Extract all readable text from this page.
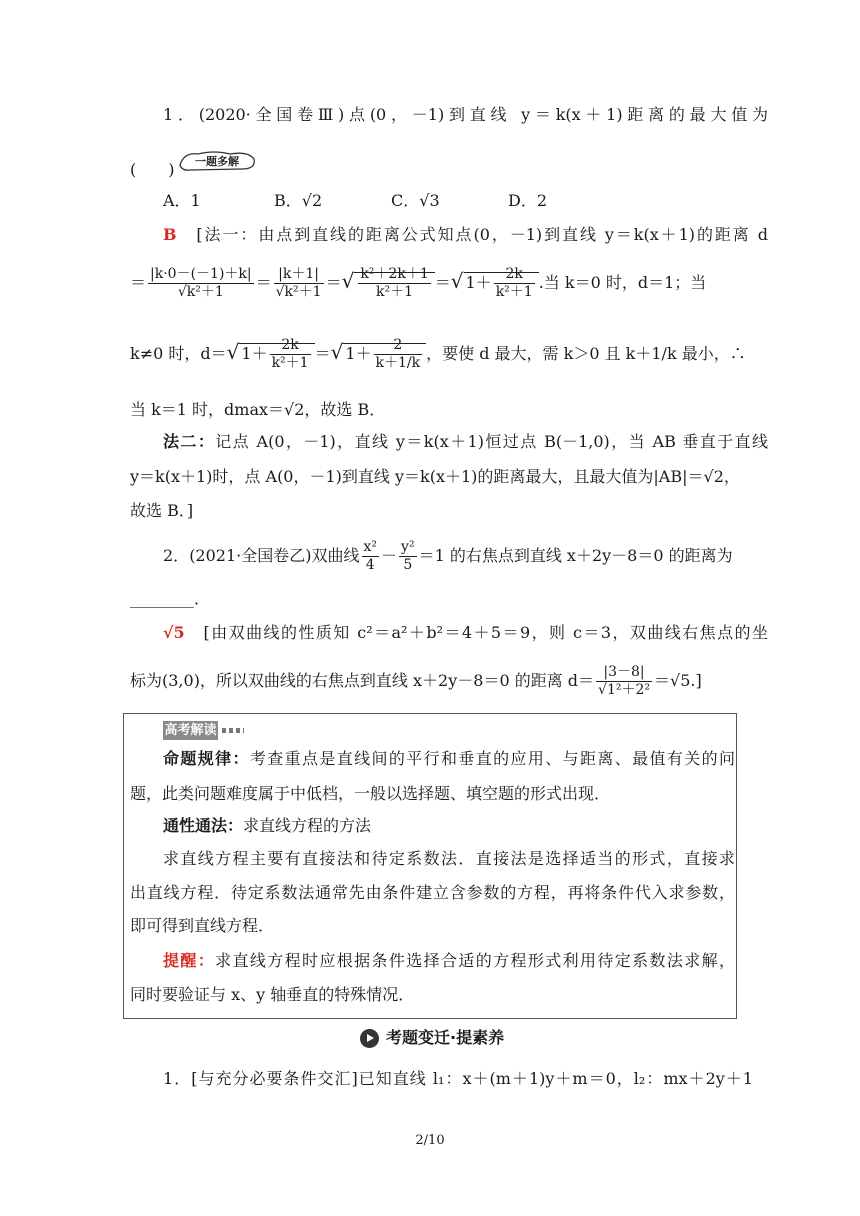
1．(2020·全国卷Ⅲ)点(0，－1)到直线 y＝k(x＋1)距离的最大值为
(　　)	一题多解
A．1	B．√2	C．√3	D．2
B　 [法一：由点到直线的距离公式知点(0，－1)到直线 y＝k(x＋1)的距离 d
＝ $\frac{|k\cdot 0-(-1)+k|}{\text{√k²＋1}} = \frac{|k+1|}{\text{√k²＋1}}$ ＝√ $\frac{\text{k²＋2k＋1}}{\text{k²＋1}}$ ＝√ $1+ \frac{2k}{\text{k²＋1}}$ .当 k＝0 时，d＝1；当
k≠0 时，d＝√ $1+ \frac{2k}{\text{k²＋1}}$ ＝√ $1+ \frac{2}{k+1/k}$ ，要使 d 最大，需 k＞0 且 k＋1/k 最小，∴
当 k＝1 时，dmax＝√2，故选 B．
法二：记点 A(0，－1)，直线 y＝k(x＋1)恒过点 B(－1,0)，当 AB 垂直于直线
y＝k(x＋1)时，点 A(0，－1)到直线 y＝k(x＋1)的距离最大，且最大值为|AB|＝√2，
故选 B．]
2．(2021·全国卷乙)双曲线 $\frac{\text{x²}}{4} - \frac{\text{y²}}{5} =1$ 的右焦点到直线 x＋2y－8＝0 的距离为
________．
√5　 [由双曲线的性质知 c²＝a²＋b²＝4＋5＝9，则 c＝3，双曲线右焦点的坐
标为(3,0)，所以双曲线的右焦点到直线 x＋2y－8＝0 的距离 $d= \frac{|3-8|}{\text{√1²＋2²}} =√5$.]
高考解读
命题规律：考查重点是直线间的平行和垂直的应用、与距离、最值有关的问
题，此类问题难度属于中低档，一般以选择题、填空题的形式出现．
通性通法：求直线方程的方法
求直线方程主要有直接法和待定系数法．直接法是选择适当的形式，直接求
出直线方程．待定系数法通常先由条件建立含参数的方程，再将条件代入求参数，
即可得到直线方程．
提醒：求直线方程时应根据条件选择合适的方程形式利用待定系数法求解，
同时要验证与 x、y 轴垂直的特殊情况．
考题变迁·提素养
1．[与充分必要条件交汇]已知直线 l₁：x＋(m＋1)y＋m＝0，l₂：mx＋2y＋1
2/10
